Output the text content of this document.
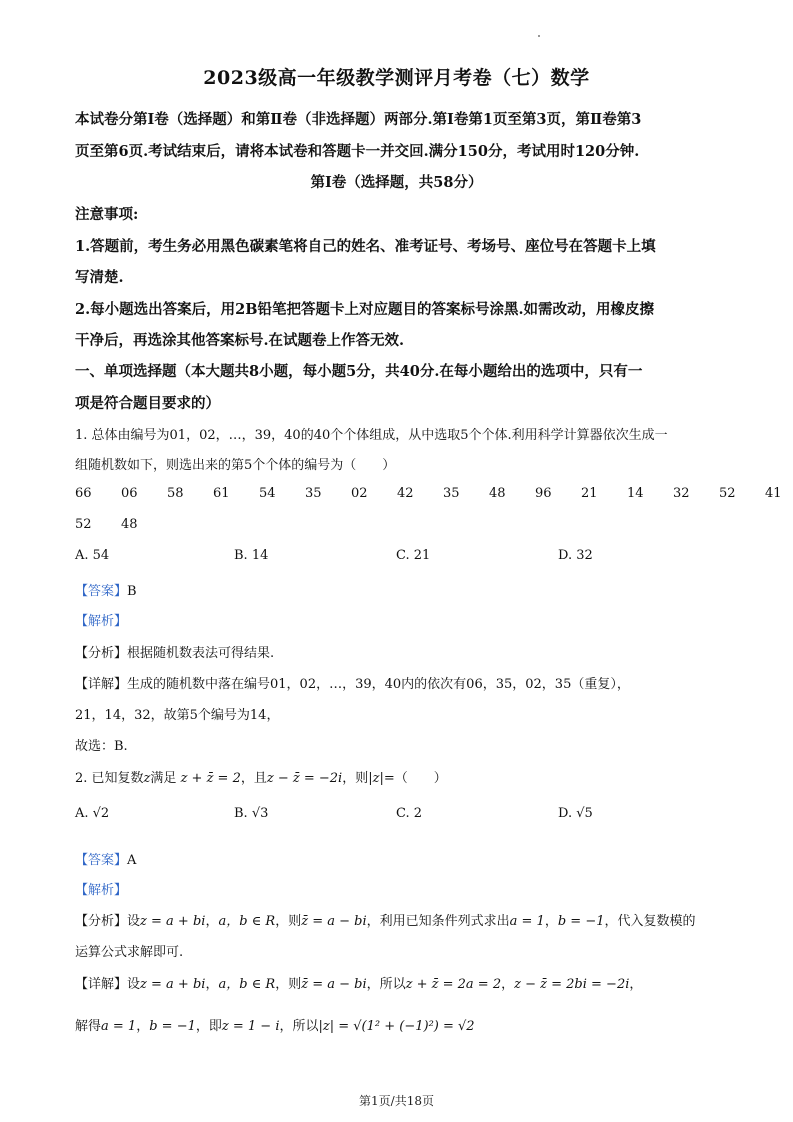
2023级高一年级教学测评月考卷（七）数学
本试卷分第Ⅰ卷（选择题）和第Ⅱ卷（非选择题）两部分.第Ⅰ卷第1页至第3页，第Ⅱ卷第3
页至第6页.考试结束后，请将本试卷和答题卡一并交回.满分150分，考试用时120分钟.
第Ⅰ卷（选择题，共58分）
注意事项:
1.答题前，考生务必用黑色碳素笔将自己的姓名、准考证号、考场号、座位号在答题卡上填
写清楚.
2.每小题选出答案后，用2B铅笔把答题卡上对应题目的答案标号涂黑.如需改动，用橡皮擦
干净后，再选涂其他答案标号.在试题卷上作答无效.
一、单项选择题（本大题共8小题，每小题5分，共40分.在每小题给出的选项中，只有一
项是符合题目要求的）
1. 总体由编号为01，02，…，39，40的40个个体组成，从中选取5个个体.利用科学计算器依次生成一
组随机数如下，则选出来的第5个个体的编号为（　　）
66	06	58	61	54	35	02	42	35	48	96	21	14	32	52	41
52	48
A. 54	B. 14	C. 21	D. 32
【答案】B
【解析】
【分析】根据随机数表法可得结果.
【详解】生成的随机数中落在编号01，02，…，39，40内的依次有06，35，02，35（重复），
21，14，32，故第5个编号为14，
故选：B.
2. 已知复数z满足 z + z̄ = 2，且z − z̄ = −2i，则|z|=（　　）
A. √2	B. √3	C. 2	D. √5
【答案】A
【解析】
【分析】设z = a + bi，a，b ∈ R，则z̄ = a − bi，利用已知条件列式求出a = 1，b = −1，代入复数模的
运算公式求解即可.
【详解】设z = a + bi，a，b ∈ R，则z̄ = a − bi，所以z + z̄ = 2a = 2，z − z̄ = 2bi = −2i，
解得a = 1，b = −1，即z = 1 − i，所以|z| = √(1² + (−1)²) = √2
第1页/共18页
